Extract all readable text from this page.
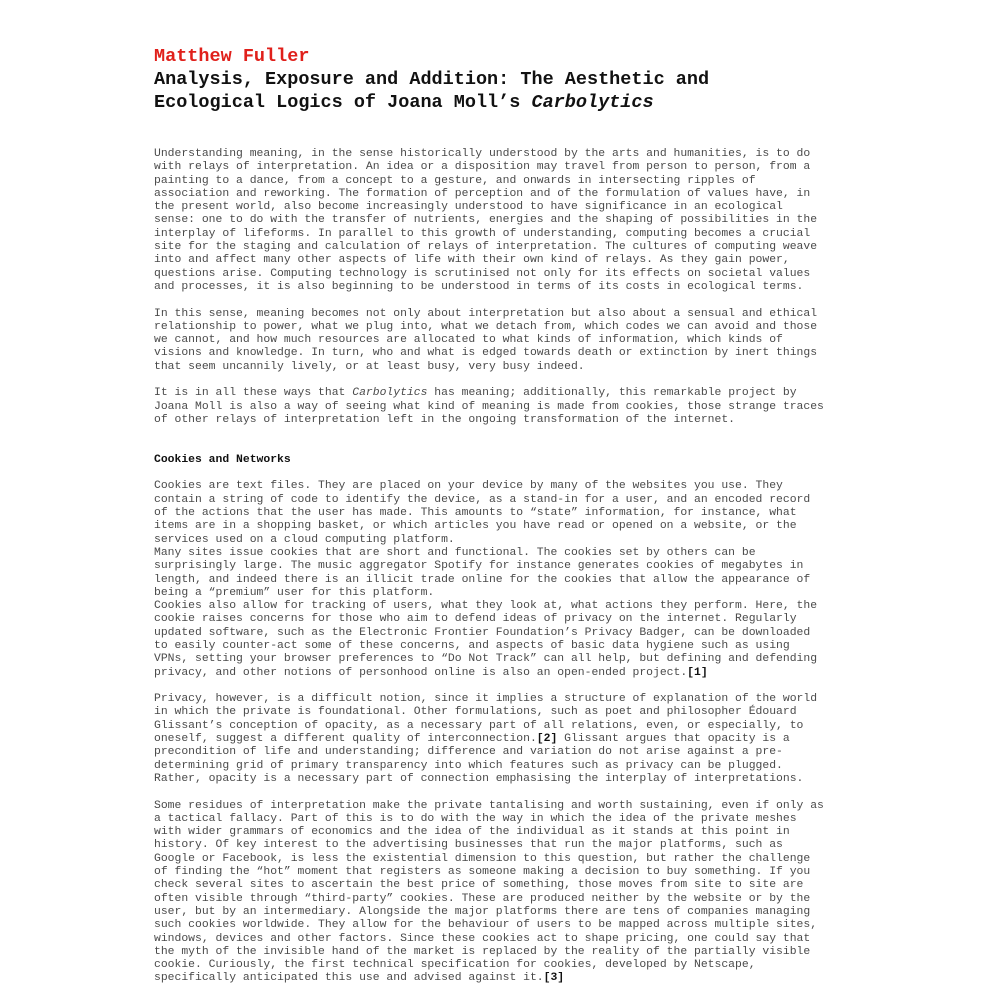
Matthew Fuller
Analysis, Exposure and Addition: The Aesthetic and
Ecological Logics of Joana Moll’s Carbolytics

Understanding meaning, in the sense historically understood by the arts and humanities, is to do

with relays of interpretation. An idea or a disposition may travel from person to person, from a

painting to a dance, from a concept to a gesture, and onwards in intersecting ripples of

association and reworking. The formation of perception and of the formulation of values have, in

the present world, also become increasingly understood to have significance in an ecological

sense: one to do with the transfer of nutrients, energies and the shaping of possibilities in the

interplay of lifeforms. In parallel to this growth of understanding, computing becomes a crucial

site for the staging and calculation of relays of interpretation. The cultures of computing weave

into and affect many other aspects of life with their own kind of relays. As they gain power,

questions arise. Computing technology is scrutinised not only for its effects on societal values

and processes, it is also beginning to be understood in terms of its costs in ecological terms.

In this sense, meaning becomes not only about interpretation but also about a sensual and ethical

relationship to power, what we plug into, what we detach from, which codes we can avoid and those

we cannot, and how much resources are allocated to what kinds of information, which kinds of

visions and knowledge. In turn, who and what is edged towards death or extinction by inert things

that seem uncannily lively, or at least busy, very busy indeed.

It is in all these ways that Carbolytics has meaning; additionally, this remarkable project by

Joana Moll is also a way of seeing what kind of meaning is made from cookies, those strange traces

of other relays of interpretation left in the ongoing transformation of the internet.

Cookies and Networks

Cookies are text files. They are placed on your device by many of the websites you use. They

contain a string of code to identify the device, as a stand-in for a user, and an encoded record

of the actions that the user has made. This amounts to “state” information, for instance, what

items are in a shopping basket, or which articles you have read or opened on a website, or the

services used on a cloud computing platform.

Many sites issue cookies that are short and functional. The cookies set by others can be

surprisingly large. The music aggregator Spotify for instance generates cookies of megabytes in

length, and indeed there is an illicit trade online for the cookies that allow the appearance of

being a “premium” user for this platform.

Cookies also allow for tracking of users, what they look at, what actions they perform. Here, the

cookie raises concerns for those who aim to defend ideas of privacy on the internet. Regularly

updated software, such as the Electronic Frontier Foundation’s Privacy Badger, can be downloaded

to easily counter-act some of these concerns, and aspects of basic data hygiene such as using

VPNs, setting your browser preferences to “Do Not Track” can all help, but defining and defending

privacy, and other notions of personhood online is also an open-ended project.[1]

Privacy, however, is a difficult notion, since it implies a structure of explanation of the world

in which the private is foundational. Other formulations, such as poet and philosopher Édouard

Glissant’s conception of opacity, as a necessary part of all relations, even, or especially, to

oneself, suggest a different quality of interconnection.[2] Glissant argues that opacity is a

precondition of life and understanding; difference and variation do not arise against a pre-

determining grid of primary transparency into which features such as privacy can be plugged.

Rather, opacity is a necessary part of connection emphasising the interplay of interpretations.

Some residues of interpretation make the private tantalising and worth sustaining, even if only as

a tactical fallacy. Part of this is to do with the way in which the idea of the private meshes

with wider grammars of economics and the idea of the individual as it stands at this point in

history. Of key interest to the advertising businesses that run the major platforms, such as

Google or Facebook, is less the existential dimension to this question, but rather the challenge

of finding the “hot” moment that registers as someone making a decision to buy something. If you

check several sites to ascertain the best price of something, those moves from site to site are

often visible through “third-party” cookies. These are produced neither by the website or by the

user, but by an intermediary. Alongside the major platforms there are tens of companies managing

such cookies worldwide. They allow for the behaviour of users to be mapped across multiple sites,

windows, devices and other factors. Since these cookies act to shape pricing, one could say that

the myth of the invisible hand of the market is replaced by the reality of the partially visible

cookie. Curiously, the first technical specification for cookies, developed by Netscape,

specifically anticipated this use and advised against it.[3]
